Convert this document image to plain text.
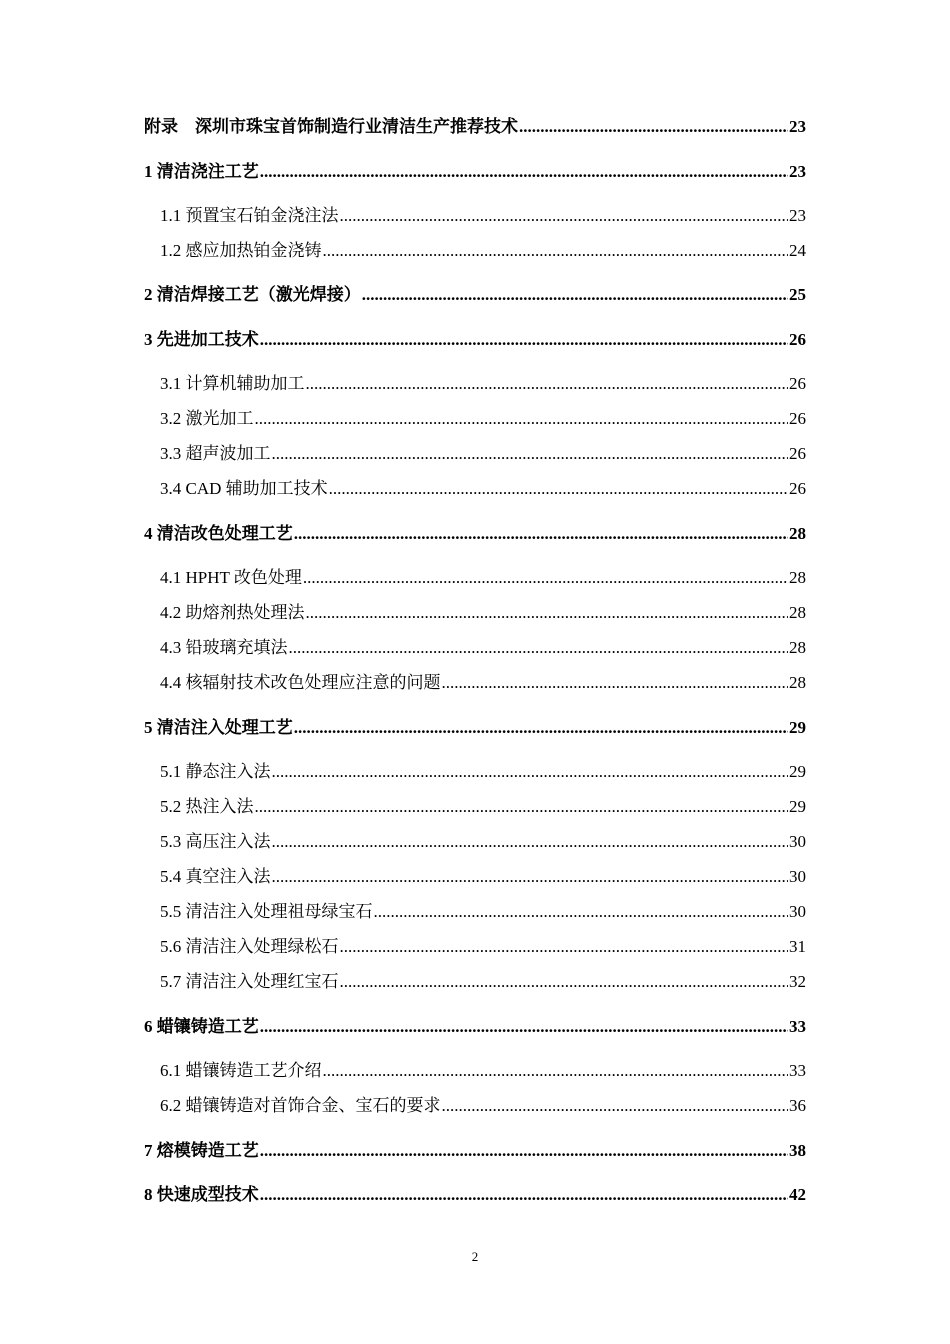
附录　深圳市珠宝首饰制造行业清洁生产推荐技术 .....	23
1 清洁浇注工艺 .....	23
1.1 预置宝石铂金浇注法 .....	23
1.2 感应加热铂金浇铸 .....	24
2 清洁焊接工艺（激光焊接） .....	25
3 先进加工技术 .....	26
3.1 计算机辅助加工 .....	26
3.2 激光加工 .....	26
3.3 超声波加工 .....	26
3.4 CAD 辅助加工技术 .....	26
4 清洁改色处理工艺 .....	28
4.1 HPHT 改色处理 .....	28
4.2 助熔剂热处理法 .....	28
4.3 铅玻璃充填法 .....	28
4.4 核辐射技术改色处理应注意的问题 .....	28
5 清洁注入处理工艺 .....	29
5.1 静态注入法 .....	29
5.2 热注入法 .....	29
5.3 高压注入法 .....	30
5.4 真空注入法 .....	30
5.5 清洁注入处理祖母绿宝石 .....	30
5.6 清洁注入处理绿松石 .....	31
5.7 清洁注入处理红宝石 .....	32
6 蜡镶铸造工艺 .....	33
6.1 蜡镶铸造工艺介绍 .....	33
6.2 蜡镶铸造对首饰合金、宝石的要求 .....	36
7 熔模铸造工艺 .....	38
8 快速成型技术 .....	42
2
